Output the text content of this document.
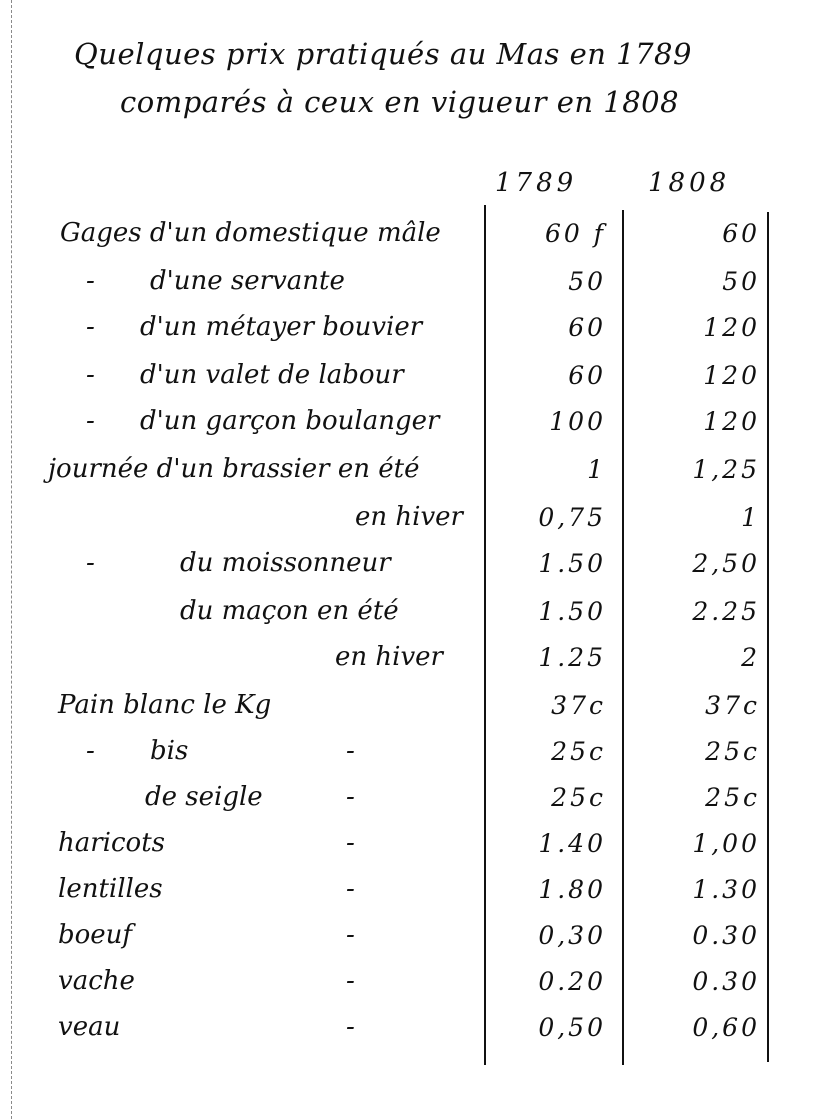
Quelques prix pratiqués au Mas en 1789
comparés à ceux en vigueur en 1808
1789	1808
Gages d'un domestique mâle	60 f	60
- d'une servante	50	50
- d'un métayer bouvier	60	120
- d'un valet de labour	60	120
- d'un garçon boulanger	100	120
journée d'un brassier en été	1	1,25
en hiver	0,75	1
-	du moissonneur	1.50	2,50
du maçon en été	1.50	2.25
en hiver	1.25	2
Pain blanc le Kg	37c	37c
- bis	-	25c	25c
de seigle	-	25c	25c
haricots	-	1.40	1,00
lentilles	-	1.80	1.30
boeuf	-	0,30	0.30
vache	-	0.20	0.30
veau	-	0,50	0,60
